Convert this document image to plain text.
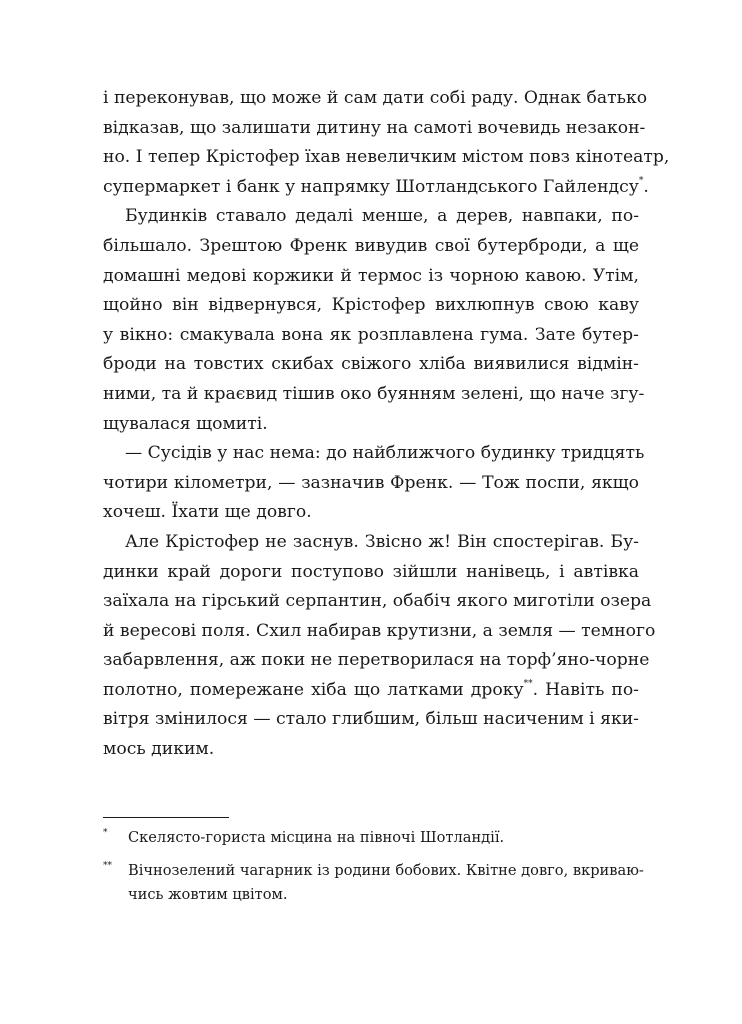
і переконував, що може й сам дати собі раду. Однак батько

відказав, що залишати дитину на самоті вочевидь незакон-

но. І тепер Крістофер їхав невеличким містом повз кінотеатр,

супермаркет і банк у напрямку Шотландського Гайлендсу*.

Будинків ставало дедалі менше, а дерев, навпаки, по-

більшало. Зрештою Френк вивудив свої бутерброди, а ще

домашні медові коржики й термос із чорною кавою. Утім,

щойно він відвернувся, Крістофер вихлюпнув свою каву

у вікно: смакувала вона як розплавлена гума. Зате бутер-

броди на товстих скибах свіжого хліба виявилися відмін-

ними, та й краєвид тішив око буянням зелені, що наче згу-

щувалася щомиті.

— Сусідів у нас нема: до найближчого будинку тридцять

чотири кілометри, — зазначив Френк. — Тож поспи, якщо

хочеш. Їхати ще довго.

Але Крістофер не заснув. Звісно ж! Він спостерігав. Бу-

динки край дороги поступово зійшли нанівець, і автівка

заїхала на гірський серпантин, обабіч якого миготіли озера

й вересові поля. Схил набирав крутизни, а земля — темного

забарвлення, аж поки не перетворилася на торф’яно-чорне

полотно, помережане хіба що латками дроку**. Навіть по-

вітря змінилося — стало глибшим, більш насиченим і яки-

мось диким.

* Скелясто-гориста місцина на півночі Шотландії.
** Вічнозелений чагарник із родини бобових. Квітне довго, вкриваю-
чись жовтим цвітом.
